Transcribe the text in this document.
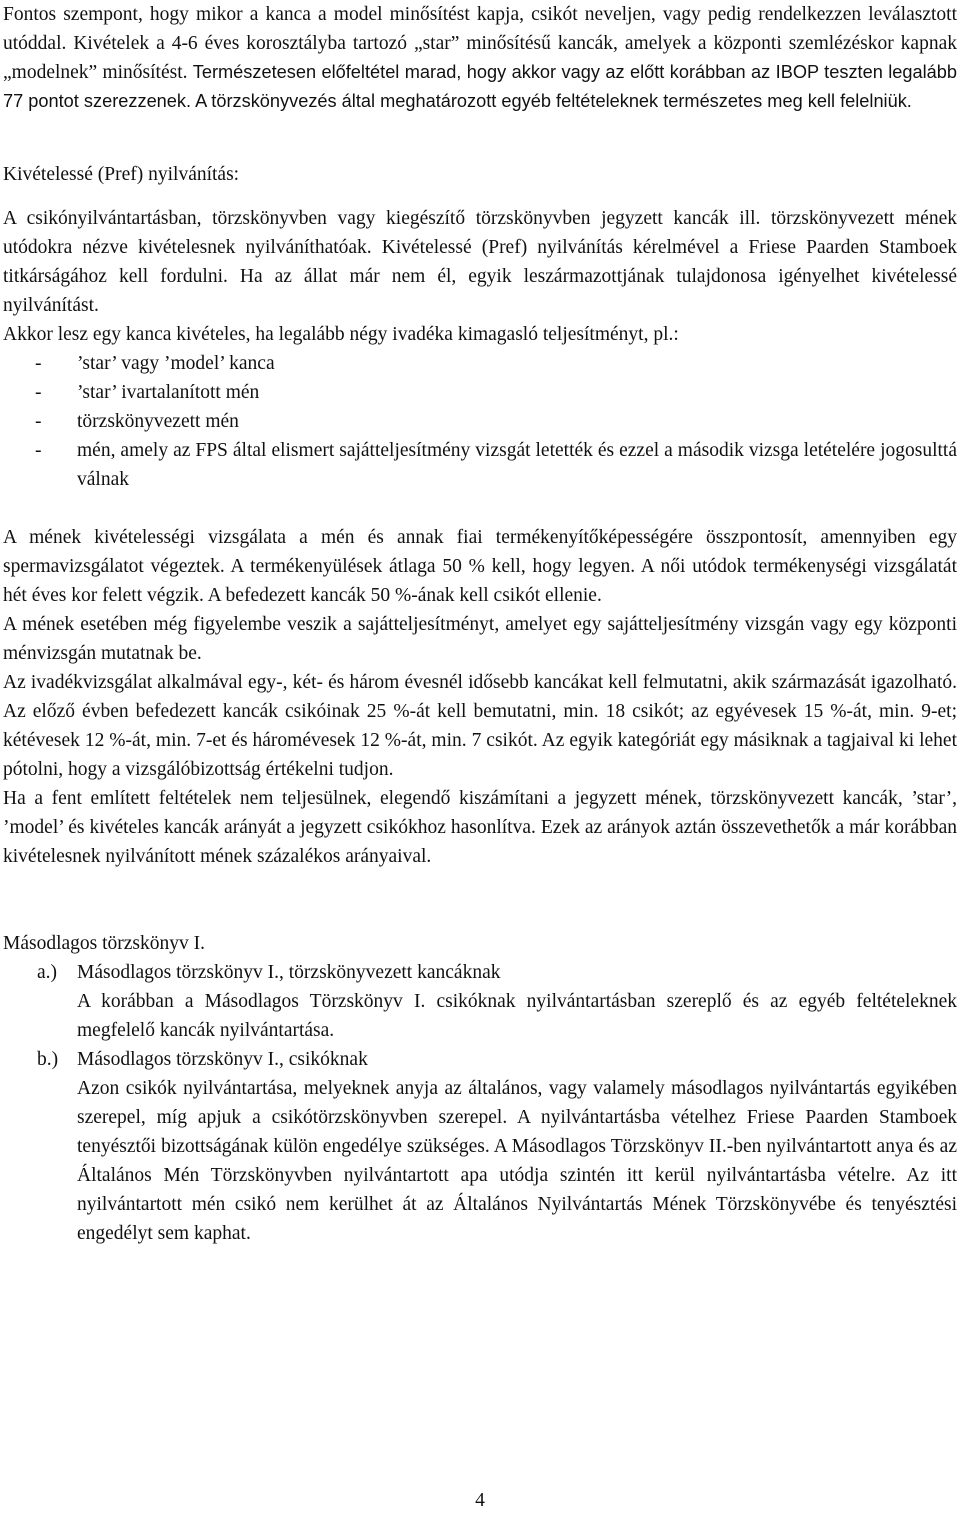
Fontos szempont, hogy mikor a kanca a model minősítést kapja, csikót neveljen, vagy pedig rendelkezzen leválasztott utóddal. Kivételek a 4-6 éves korosztályba tartozó „star” minősítésű kancák, amelyek a központi szemlézéskor kapnak „modelnek” minősítést. Természetesen előfeltétel marad, hogy akkor vagy az előtt korábban az IBOP teszten legalább 77 pontot szerezzenek. A törzskönyvezés által meghatározott egyéb feltételeknek természetes meg kell felelniük.

Kivételessé (Pref) nyilvánítás:

A csikónyilvántartásban, törzskönyvben vagy kiegészítő törzskönyvben jegyzett kancák ill. törzskönyvezett mének utódokra nézve kivételesnek nyilváníthatóak. Kivételessé (Pref) nyilvánítás kérelmével a Friese Paarden Stamboek titkárságához kell fordulni. Ha az állat már nem él, egyik leszármazottjának tulajdonosa igényelhet kivételessé nyilvánítást.

Akkor lesz egy kanca kivételes, ha legalább négy ivadéka kimagasló teljesítményt, pl.:

-	’star’ vagy ’model’ kanca
-	’star’ ivartalanított mén
-	törzskönyvezett mén
-	mén, amely az FPS által elismert sajátteljesítmény vizsgát letették és ezzel a második vizsga letételére jogosulttá válnak

A mének kivételességi vizsgálata a mén és annak fiai termékenyítőképességére összpontosít, amennyiben egy spermavizsgálatot végeztek. A termékenyülések átlaga 50 % kell, hogy legyen. A női utódok termékenységi vizsgálatát hét éves kor felett végzik. A befedezett kancák 50 %-ának kell csikót ellenie.

A mének esetében még figyelembe veszik a sajátteljesítményt, amelyet egy sajátteljesítmény vizsgán vagy egy központi ménvizsgán mutatnak be.

Az ivadékvizsgálat alkalmával egy-, két- és három évesnél idősebb kancákat kell felmutatni, akik származását igazolható. Az előző évben befedezett kancák csikóinak 25 %-át kell bemutatni, min. 18 csikót; az egyévesek 15 %-át, min. 9-et; kétévesek 12 %-át, min. 7-et és háromévesek 12 %-át, min. 7 csikót. Az egyik kategóriát egy másiknak a tagjaival ki lehet pótolni, hogy a vizsgálóbizottság értékelni tudjon.

Ha a fent említett feltételek nem teljesülnek, elegendő kiszámítani a jegyzett mének, törzskönyvezett kancák, ’star’, ’model’ és kivételes kancák arányát a jegyzett csikókhoz hasonlítva. Ezek az arányok aztán összevethetők a már korábban kivételesnek nyilvánított mének százalékos arányaival.

Másodlagos törzskönyv I.

a.)	Másodlagos törzskönyv I., törzskönyvezett kancáknak

A korábban a Másodlagos Törzskönyv I. csikóknak nyilvántartásban szereplő és az egyéb feltételeknek megfelelő kancák nyilvántartása.

b.) Másodlagos törzskönyv I., csikóknak

Azon csikók nyilvántartása, melyeknek anyja az általános, vagy valamely másodlagos nyilvántartás egyikében szerepel, míg apjuk a csikótörzskönyvben szerepel. A nyilvántartásba vételhez Friese Paarden Stamboek tenyésztői bizottságának külön engedélye szükséges. A Másodlagos Törzskönyv II.-ben nyilvántartott anya és az Általános Mén Törzskönyvben nyilvántartott apa utódja szintén itt kerül nyilvántartásba vételre. Az itt nyilvántartott mén csikó nem kerülhet át az Általános Nyilvántartás Mének Törzskönyvébe és tenyésztési engedélyt sem kaphat.

4
